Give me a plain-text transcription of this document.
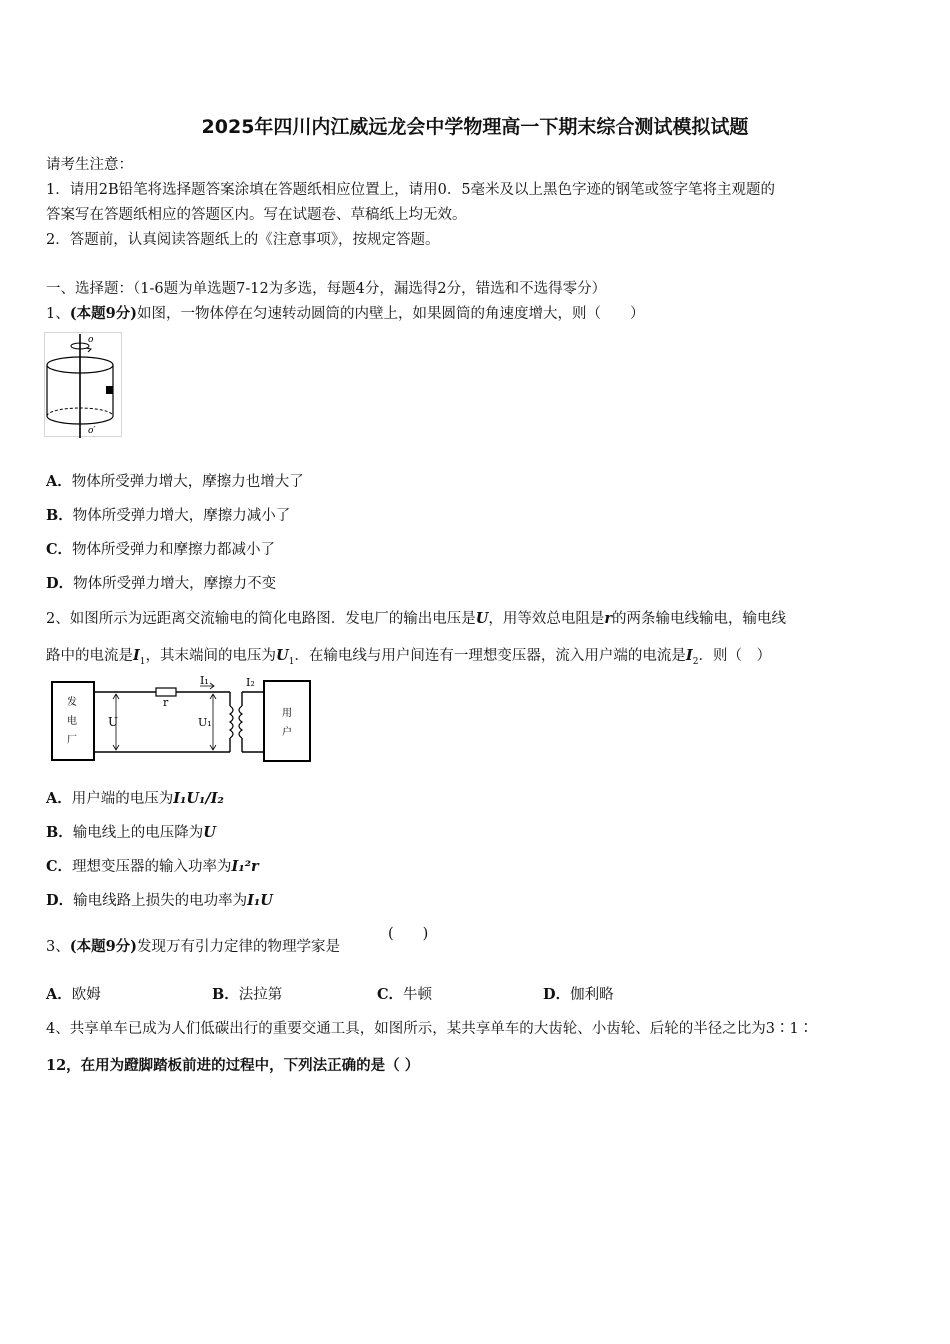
2025年四川内江威远龙会中学物理高一下期末综合测试模拟试题
请考生注意：
1．请用2B铅笔将选择题答案涂填在答题纸相应位置上，请用0．5毫米及以上黑色字迹的钢笔或签字笔将主观题的
答案写在答题纸相应的答题区内。写在试题卷、草稿纸上均无效。
2．答题前，认真阅读答题纸上的《注意事项》，按规定答题。
一、选择题：（1-6题为单选题7-12为多选，每题4分，漏选得2分，错选和不选得零分）
1、(本题9分)如图，一物体停在匀速转动圆筒的内壁上，如果圆筒的角速度增大，则（　　）
o
o′
A．物体所受弹力增大，摩擦力也增大了
B．物体所受弹力增大，摩擦力减小了
C．物体所受弹力和摩擦力都减小了
D．物体所受弹力增大，摩擦力不变
2、如图所示为远距离交流输电的简化电路图．发电厂的输出电压是U，用等效总电阻是r的两条输电线输电，输电线
路中的电流是$I_1$，其末端间的电压为$U_1$．在输电线与用户间连有一理想变压器，流入用户端的电流是$I_2$．则（　）
发
电
厂
r
U	U₁
I₁	I₂
用
户
A．用户端的电压为I₁U₁/I₂
B．输电线上的电压降为U
C．理想变压器的输入功率为I₁²r
D．输电线路上损失的电功率为I₁U
3、(本题9分)发现万有引力定律的物理学家是
(　　)
A．欧姆	B．法拉第	C．牛顿	D．伽利略
4、共享单车已成为人们低碳出行的重要交通工具，如图所示，某共享单车的大齿轮、小齿轮、后轮的半径之比为3∶1∶
12，在用为蹬脚踏板前进的过程中，下列法正确的是（ ）
